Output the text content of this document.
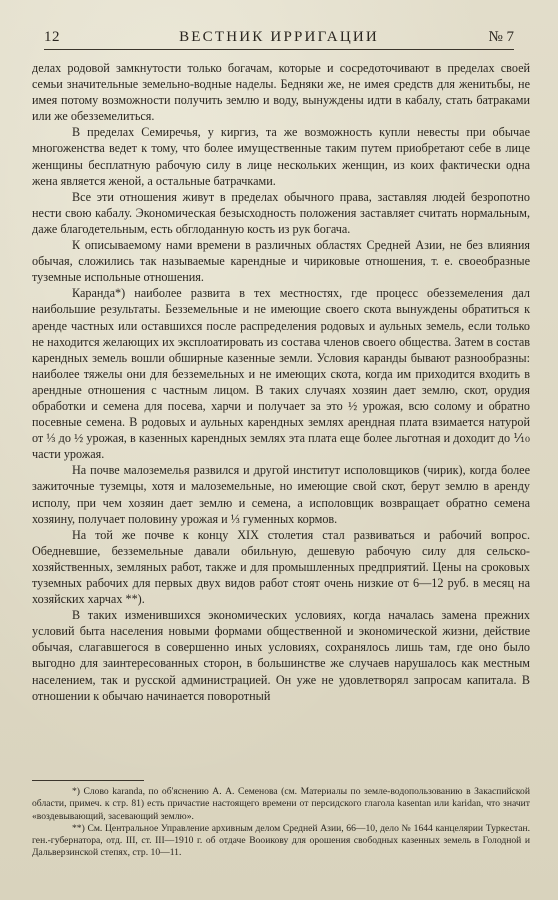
12	ВЕСТНИК ИРРИГАЦИИ	№ 7

делах родовой замкнутости только богачам, которые и сосредоточивают в пределах своей семьи значительные земельно-водные наделы. Бедняки же, не имея средств для женитьбы, не имея потому возможности получить землю и воду, вынуждены идти в кабалу, стать батраками или же обезземелиться.

В пределах Семиречья, у киргиз, та же возможность купли невесты при обычае многоженства ведет к тому, что более имущественные таким путем приобретают себе в лице женщины бесплатную рабочую силу в лице нескольких женщин, из коих фактически одна жена является женой, а остальные батрачками.

Все эти отношения живут в пределах обычного права, заставляя людей безропотно нести свою кабалу. Экономическая безысходность положения заставляет считать нормальным, даже благодетельным, есть обглоданную кость из рук богача.

К описываемому нами времени в различных областях Средней Азии, не без влияния обычая, сложились так называемые карендные и чириковые отношения, т. е. своеобразные туземные испольные отношения.

Каранда*) наиболее развита в тех местностях, где процесс обезземеления дал наибольшие результаты. Безземельные и не имеющие своего скота вынуждены обратиться к аренде частных или оставшихся после распределения родовых и аульных земель, если только не находится желающих их эксплоатировать из состава членов своего общества. Затем в состав карендных земель вошли обширные казенные земли. Условия каранды бывают разнообразны: наиболее тяжелы они для безземельных и не имеющих скота, когда им приходится входить в арендные отношения с частным лицом. В таких случаях хозяин дает землю, скот, орудия обработки и семена для посева, харчи и получает за это ½ урожая, всю солому и обратно посевные семена. В родовых и аульных карендных землях арендная плата взимается натурой от ⅓ до ½ урожая, в казенных карендных землях эта плата еще более льготная и доходит до ⅒ части урожая.

На почве малоземелья развился и другой институт исполовщиков (чирик), когда более зажиточные туземцы, хотя и малоземельные, но имеющие свой скот, берут землю в аренду исполу, при чем хозяин дает землю и семена, а исполовщик возвращает обратно семена хозяину, получает половину урожая и ⅓ гуменных кормов.

На той же почве к концу XIX столетия стал развиваться и рабочий вопрос. Обедневшие, безземельные давали обильную, дешевую рабочую силу для сельско-хозяйственных, земляных работ, также и для промышленных предприятий. Цены на сроковых туземных рабочих для первых двух видов работ стоят очень низкие от 6—12 руб. в месяц на хозяйских харчах **).

В таких изменившихся экономических условиях, когда началась замена прежних условий быта населения новыми формами общественной и экономической жизни, действие обычая, слагавшегося в совершенно иных условиях, сохранялось лишь там, где оно было выгодно для заинтересованных сторон, в большинстве же случаев нарушалось как местным населением, так и русской администрацией. Он уже не удовлетворял запросам капитала. В отношении к обычаю начинается поворотный

*) Слово karanda, по об'яснению А. А. Семенова (см. Материалы по земле-водопользованию в Закаспийской области, примеч. к стр. 81) есть причастие настоящего времени от персидского глагола kasentan или karidan, что значит «воздевывающий, засевающий землю».

**) См. Центральное Управление архивным делом Средней Азии, 66—10, дело № 1644 канцелярии Туркестан. ген.-губернатора, отд. III, ст. III—1910 г. об отдаче Вооикову для орошения свободных казенных земель в Голодной и Дальверзинской степях, стр. 10—11.
